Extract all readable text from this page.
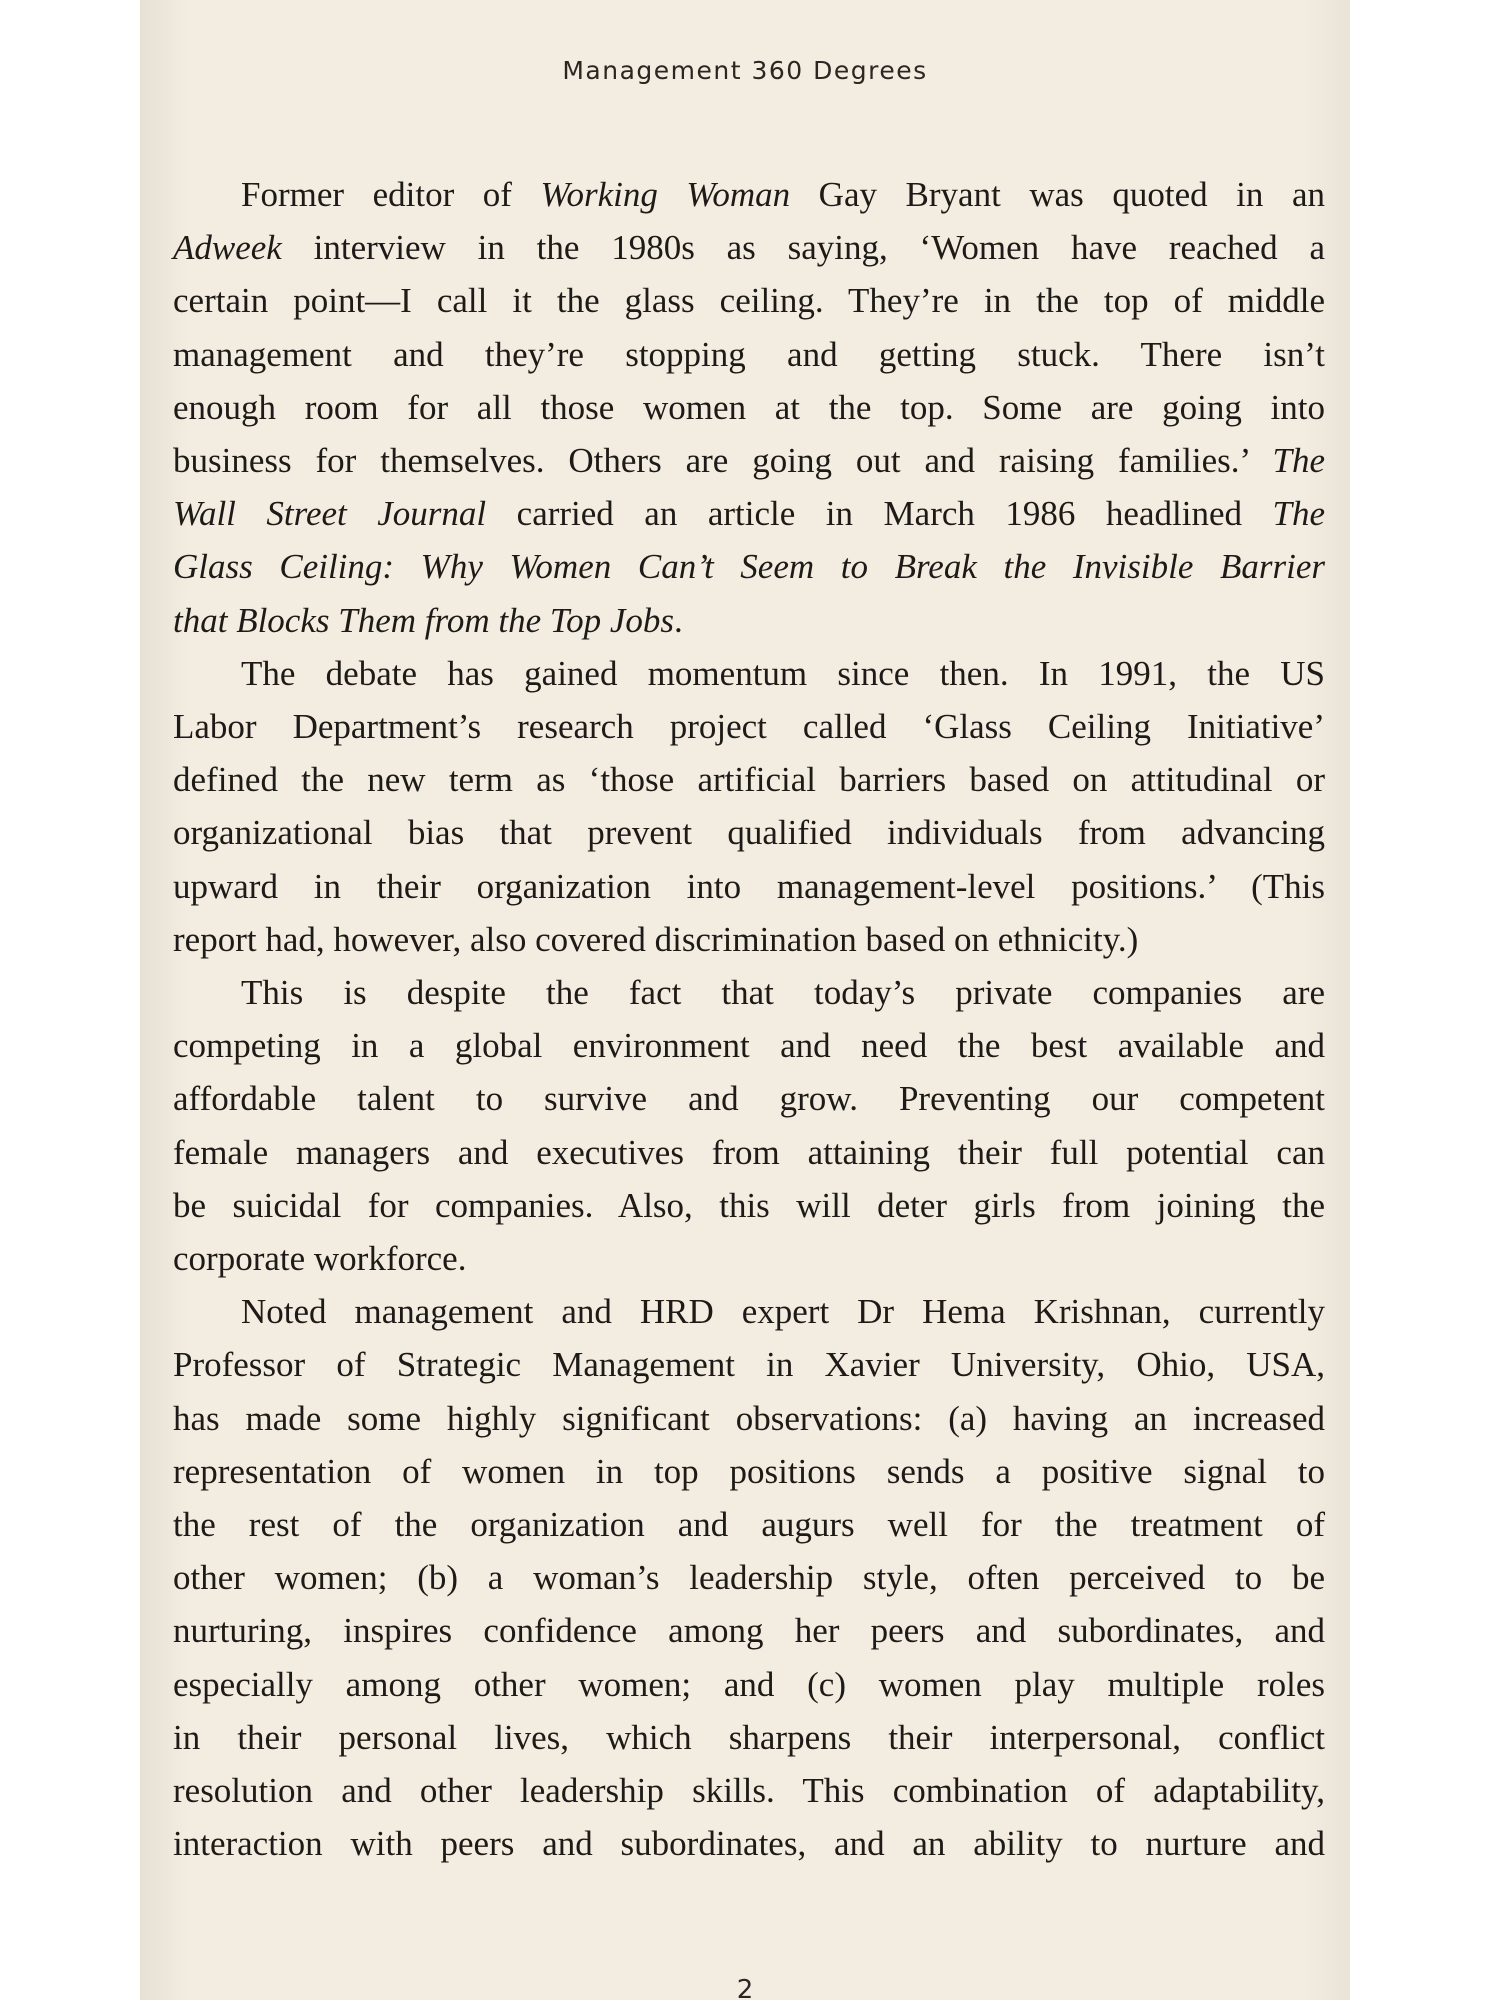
Management 360 Degrees
Former editor of Working Woman Gay Bryant was quoted in an
Adweek interview in the 1980s as saying, ‘Women have reached a
certain point—I call it the glass ceiling. They’re in the top of middle
management and they’re stopping and getting stuck. There isn’t
enough room for all those women at the top. Some are going into
business for themselves. Others are going out and raising families.’ The
Wall Street Journal carried an article in March 1986 headlined The
Glass Ceiling: Why Women Can’t Seem to Break the Invisible Barrier
that Blocks Them from the Top Jobs.
The debate has gained momentum since then. In 1991, the US
Labor Department’s research project called ‘Glass Ceiling Initiative’
defined the new term as ‘those artificial barriers based on attitudinal or
organizational bias that prevent qualified individuals from advancing
upward in their organization into management-level positions.’ (This
report had, however, also covered discrimination based on ethnicity.)
This is despite the fact that today’s private companies are
competing in a global environment and need the best available and
affordable talent to survive and grow. Preventing our competent
female managers and executives from attaining their full potential can
be suicidal for companies. Also, this will deter girls from joining the
corporate workforce.
Noted management and HRD expert Dr Hema Krishnan, currently
Professor of Strategic Management in Xavier University, Ohio, USA,
has made some highly significant observations: (a) having an increased
representation of women in top positions sends a positive signal to
the rest of the organization and augurs well for the treatment of
other women; (b) a woman’s leadership style, often perceived to be
nurturing, inspires confidence among her peers and subordinates, and
especially among other women; and (c) women play multiple roles
in their personal lives, which sharpens their interpersonal, conflict
resolution and other leadership skills. This combination of adaptability,
interaction with peers and subordinates, and an ability to nurture and
2
